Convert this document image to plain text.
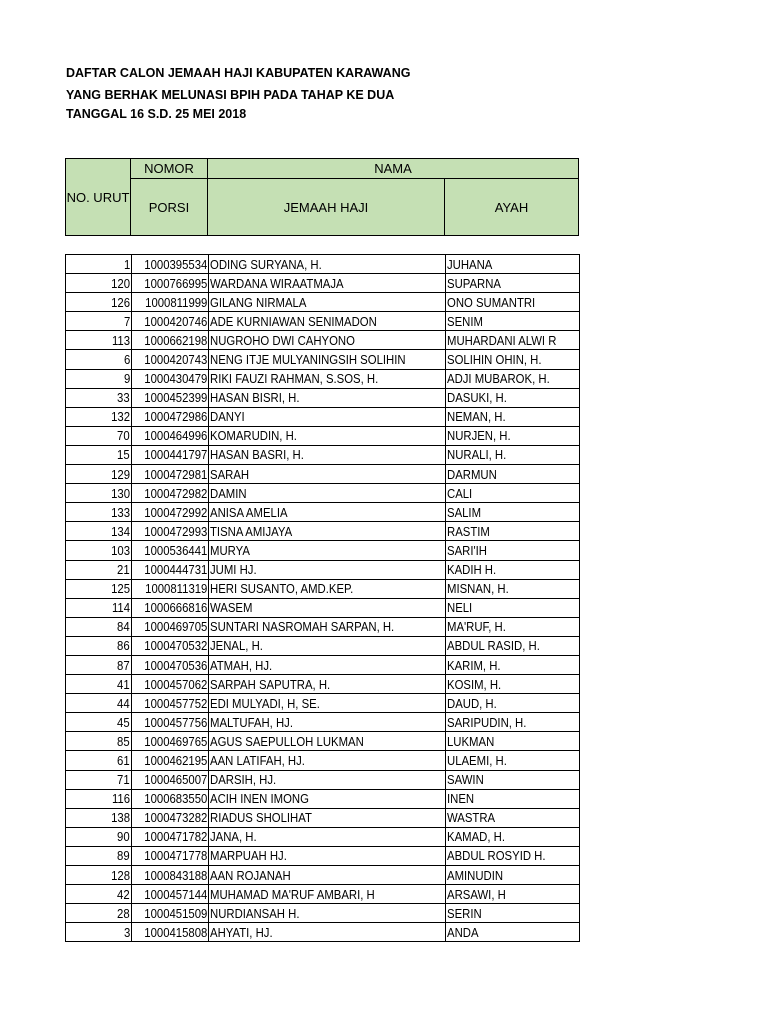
DAFTAR CALON JEMAAH HAJI KABUPATEN KARAWANG
YANG BERHAK MELUNASI BPIH PADA TAHAP KE DUA
TANGGAL 16 S.D. 25 MEI 2018
NO. URUT
NOMOR
PORSI
NAMA
JEMAAH HAJI	AYAH
1	1000395534	ODING SURYANA, H.	JUHANA
120	1000766995	WARDANA WIRAATMAJA	SUPARNA
126	1000811999	GILANG NIRMALA	ONO SUMANTRI
7	1000420746	ADE KURNIAWAN SENIMADON	SENIM
113	1000662198	NUGROHO DWI CAHYONO	MUHARDANI ALWI R
6	1000420743	NENG ITJE MULYANINGSIH SOLIHIN	SOLIHIN OHIN, H.
9	1000430479	RIKI FAUZI RAHMAN, S.SOS, H.	ADJI MUBAROK, H.
33	1000452399	HASAN BISRI, H.	DASUKI, H.
132	1000472986	DANYI	NEMAN, H.
70	1000464996	KOMARUDIN, H.	NURJEN, H.
15	1000441797	HASAN BASRI, H.	NURALI, H.
129	1000472981	SARAH	DARMUN
130	1000472982	DAMIN	CALI
133	1000472992	ANISA AMELIA	SALIM
134	1000472993	TISNA AMIJAYA	RASTIM
103	1000536441	MURYA	SARI'IH
21	1000444731	JUMI HJ.	KADIH H.
125	1000811319	HERI SUSANTO, AMD.KEP.	MISNAN, H.
114	1000666816	WASEM	NELI
84	1000469705	SUNTARI NASROMAH SARPAN, H.	MA'RUF, H.
86	1000470532	JENAL, H.	ABDUL RASID, H.
87	1000470536	ATMAH, HJ.	KARIM, H.
41	1000457062	SARPAH SAPUTRA, H.	KOSIM, H.
44	1000457752	EDI MULYADI, H, SE.	DAUD, H.
45	1000457756	MALTUFAH, HJ.	SARIPUDIN, H.
85	1000469765	AGUS SAEPULLOH LUKMAN	LUKMAN
61	1000462195	AAN LATIFAH, HJ.	ULAEMI, H.
71	1000465007	DARSIH, HJ.	SAWIN
116	1000683550	ACIH INEN IMONG	INEN
138	1000473282	RIADUS SHOLIHAT	WASTRA
90	1000471782	JANA, H.	KAMAD, H.
89	1000471778	MARPUAH HJ.	ABDUL ROSYID H.
128	1000843188	AAN ROJANAH	AMINUDIN
42	1000457144	MUHAMAD MA'RUF AMBARI, H	ARSAWI, H
28	1000451509	NURDIANSAH H.	SERIN
3	1000415808	AHYATI, HJ.	ANDA
